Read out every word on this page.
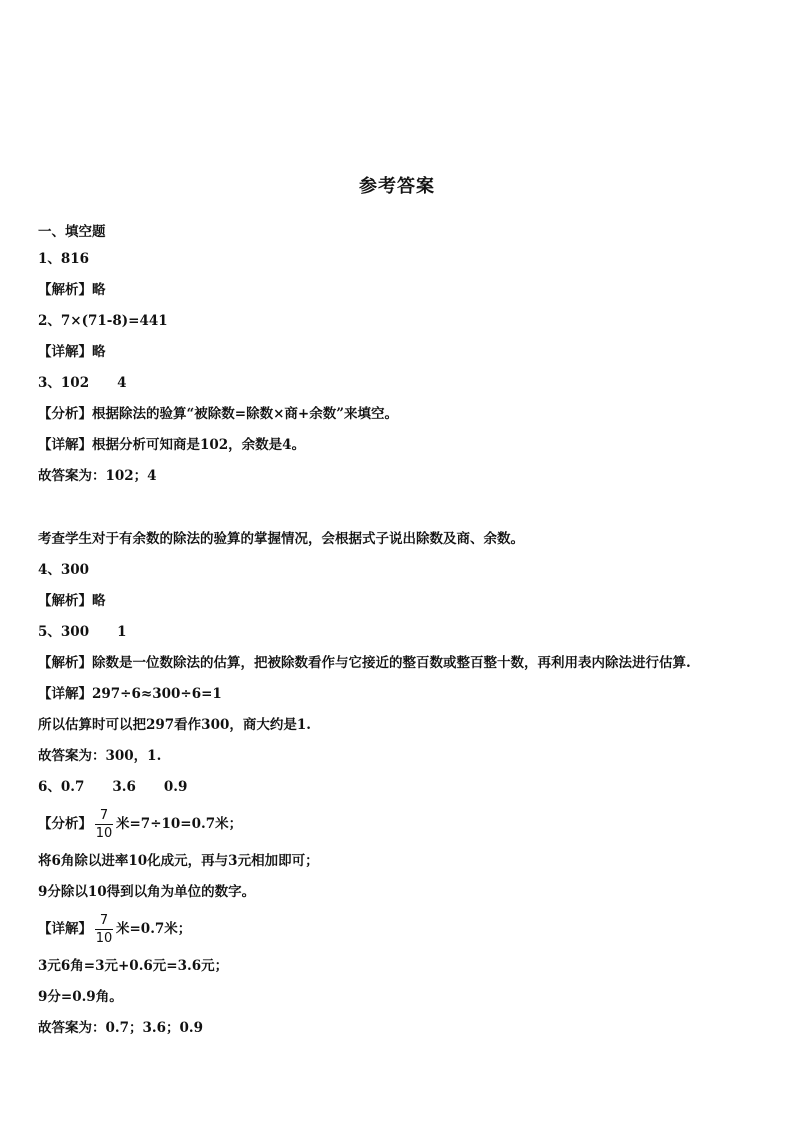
参考答案
一、填空题
1、816
【解析】略
2、7×(71-8)=441
【详解】略
3、102 4
【分析】根据除法的验算“被除数=除数×商+余数”来填空。
【详解】根据分析可知商是102，余数是4。
故答案为：102；4
考查学生对于有余数的除法的验算的掌握情况，会根据式子说出除数及商、余数。
4、300
【解析】略
5、300 1
【解析】除数是一位数除法的估算，把被除数看作与它接近的整百数或整百整十数，再利用表内除法进行估算.
【详解】297÷6≈300÷6=1
所以估算时可以把297看作300，商大约是1.
故答案为：300，1.
6、0.7 3.6 0.9
【分析】 $\frac{7}{10}$ 米=7÷10=0.7米；
将6角除以进率10化成元，再与3元相加即可；
9分除以10得到以角为单位的数字。
【详解】 $\frac{7}{10}$ 米=0.7米；
3元6角=3元+0.6元=3.6元；
9分=0.9角。
故答案为：0.7；3.6；0.9
